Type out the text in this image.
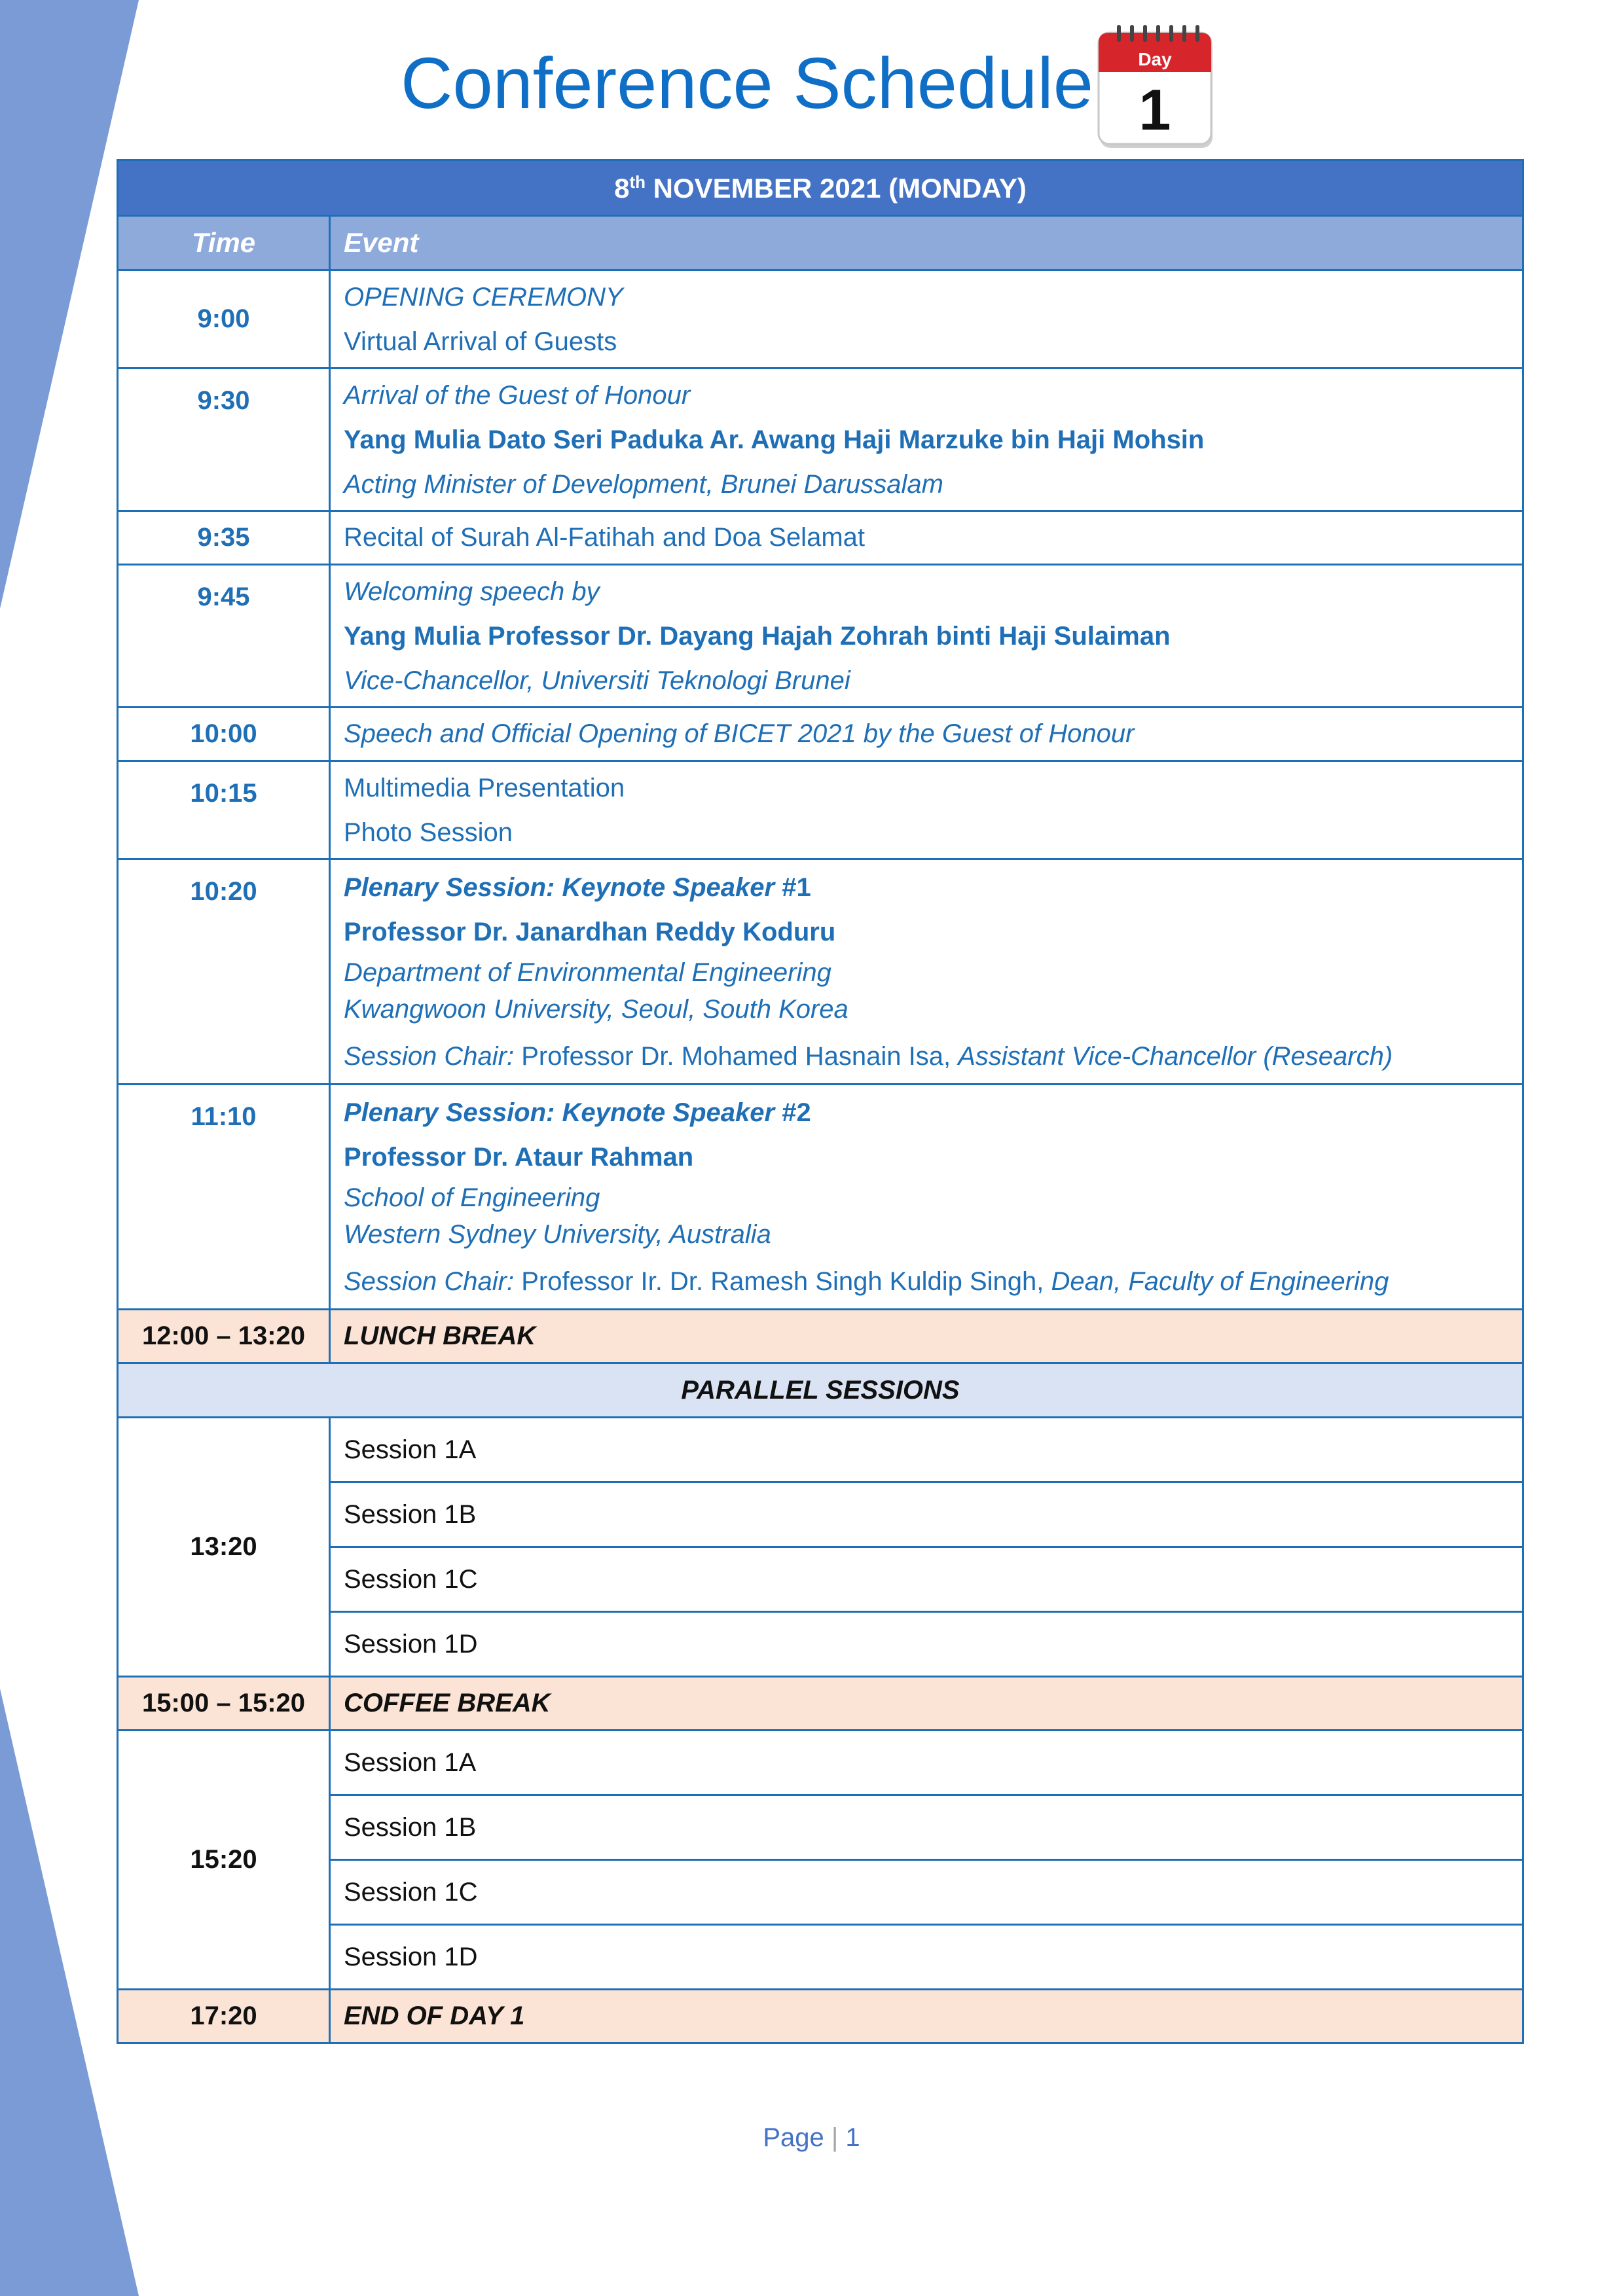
Conference Schedule Day
1
8th NOVEMBER 2021 (MONDAY)	
Time	Event
9:00	OPENING CEREMONY
Virtual Arrival of Guests

9:30	Arrival of the Guest of Honour
Yang Mulia Dato Seri Paduka Ar. Awang Haji Marzuke bin Haji Mohsin
Acting Minister of Development, Brunei Darussalam

9:35	Recital of Surah Al-Fatihah and Doa Selamat
9:45	Welcoming speech by
Yang Mulia Professor Dr. Dayang Hajah Zohrah binti Haji Sulaiman
Vice-Chancellor, Universiti Teknologi Brunei

10:00	Speech and Official Opening of BICET 2021 by the Guest of Honour
10:15	Multimedia Presentation
Photo Session

10:20	Plenary Session: Keynote Speaker #1
Professor Dr. Janardhan Reddy Koduru
Department of Environmental Engineering
Kwangwoon University, Seoul, South Korea
Session Chair: Professor Dr. Mohamed Hasnain Isa, Assistant Vice-Chancellor (Research)

11:10	Plenary Session: Keynote Speaker #2
Professor Dr. Ataur Rahman
School of Engineering
Western Sydney University, Australia
Session Chair: Professor Ir. Dr. Ramesh Singh Kuldip Singh, Dean, Faculty of Engineering

12:00 – 13:20	LUNCH BREAK
PARALLEL SESSIONS	
13:20	Session 1A
	Session 1B
	Session 1C
	Session 1D
15:00 – 15:20	COFFEE BREAK
15:20	Session 1A
	Session 1B
	Session 1C
	Session 1D
17:20	END OF DAY 1
Page | 1
